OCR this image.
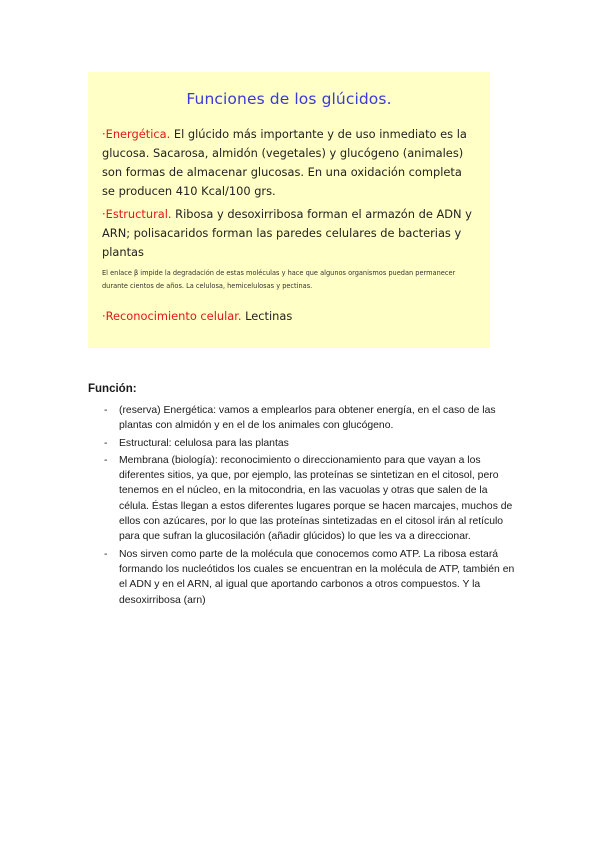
Funciones de los glúcidos.

·Energética. El glúcido más importante y de uso inmediato es la glucosa. Sacarosa, almidón (vegetales) y glucógeno (animales) son formas de almacenar glucosas. En una oxidación completa se producen 410 Kcal/100 grs.

·Estructural. Ribosa y desoxirribosa forman el armazón de ADN y ARN; polisacaridos forman las paredes celulares de bacterias y plantas

El enlace β impide la degradación de estas moléculas y hace que algunos organismos puedan permanecer durante cientos de años. La celulosa, hemicelulosas y pectinas.

·Reconocimiento celular. Lectinas

Función:

- (reserva) Energética: vamos a emplearlos para obtener energía, en el caso de las plantas con almidón y en el de los animales con glucógeno.
- Estructural: celulosa para las plantas
- Membrana (biología): reconocimiento o direccionamiento para que vayan a los diferentes sitios, ya que, por ejemplo, las proteínas se sintetizan en el citosol, pero tenemos en el núcleo, en la mitocondria, en las vacuolas y otras que salen de la célula. Éstas llegan a estos diferentes lugares porque se hacen marcajes, muchos de ellos con azúcares, por lo que las proteínas sintetizadas en el citosol irán al retículo para que sufran la glucosilación (añadir glúcidos) lo que les va a direccionar.
- Nos sirven como parte de la molécula que conocemos como ATP. La ribosa estará formando los nucleótidos los cuales se encuentran en la molécula de ATP, también en el ADN y en el ARN, al igual que aportando carbonos a otros compuestos. Y la desoxirribosa (arn)
